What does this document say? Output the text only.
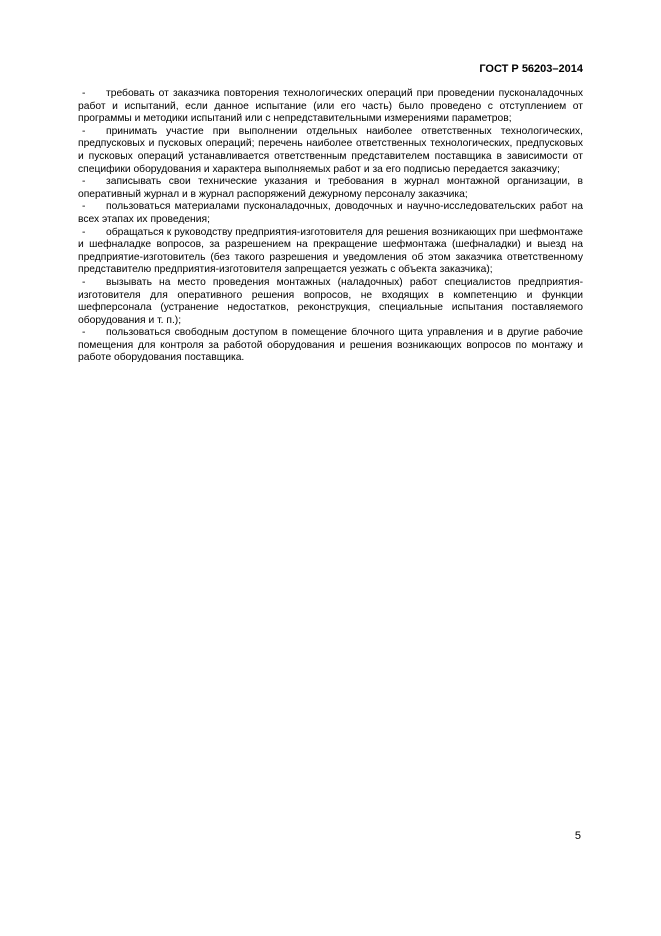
ГОСТ Р 56203–2014

- требовать от заказчика повторения технологических операций при проведении пусконаладочных работ и испытаний, если данное испытание (или его часть) было проведено с отступлением от программы и методики испытаний или с непредставительными измерениями параметров;

- принимать участие при выполнении отдельных наиболее ответственных технологических, предпусковых и пусковых операций; перечень наиболее ответственных технологических, предпусковых и пусковых операций устанавливается ответственным представителем поставщика в зависимости от специфики оборудования и характера выполняемых работ и за его подписью передается заказчику;

- записывать свои технические указания и требования в журнал монтажной организации, в оперативный журнал и в журнал распоряжений дежурному персоналу заказчика;

- пользоваться материалами пусконаладочных, доводочных и научно-исследовательских работ на всех этапах их проведения;

- обращаться к руководству предприятия-изготовителя для решения возникающих при шефмонтаже и шефналадке вопросов, за разрешением на прекращение шефмонтажа (шефналадки) и выезд на предприятие-изготовитель (без такого разрешения и уведомления об этом заказчика ответственному представителю предприятия-изготовителя запрещается уезжать с объекта заказчика);

- вызывать на место проведения монтажных (наладочных) работ специалистов предприятия-изготовителя для оперативного решения вопросов, не входящих в компетенцию и функции шефперсонала (устранение недостатков, реконструкция, специальные испытания поставляемого оборудования и т. п.);

- пользоваться свободным доступом в помещение блочного щита управления и в другие рабочие помещения для контроля за работой оборудования и решения возникающих вопросов по монтажу и работе оборудования поставщика.

5
